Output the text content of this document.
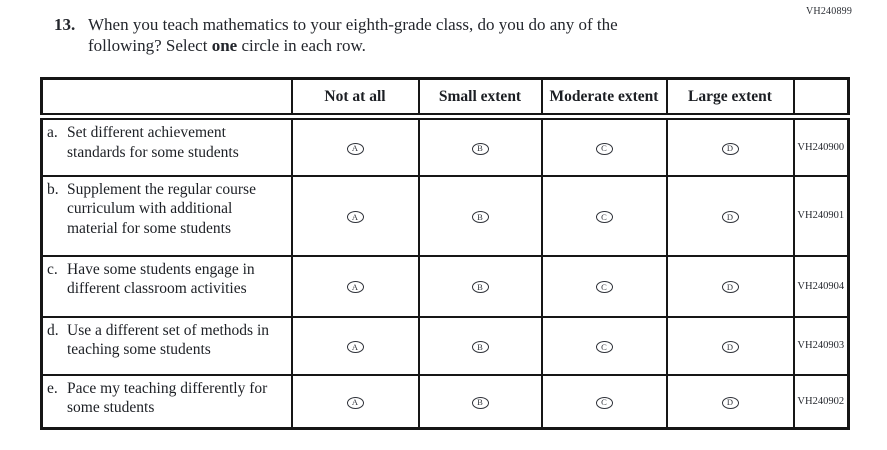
VH240899
13. When you teach mathematics to your eighth-grade class, do you do any of the following? Select one circle in each row.
	Not at all	Small extent	Moderate extent	Large extent	

a. Set different achievement standards for some students	A	B	C	D	VH240900

b. Supplement the regular course curriculum with additional material for some students	A	B	C	D	VH240901

c. Have some students engage in different classroom activities	A	B	C	D	VH240904

d. Use a different set of methods in teaching some students	A	B	C	D	VH240903

e. Pace my teaching differently for some students	A	B	C	D	VH240902
